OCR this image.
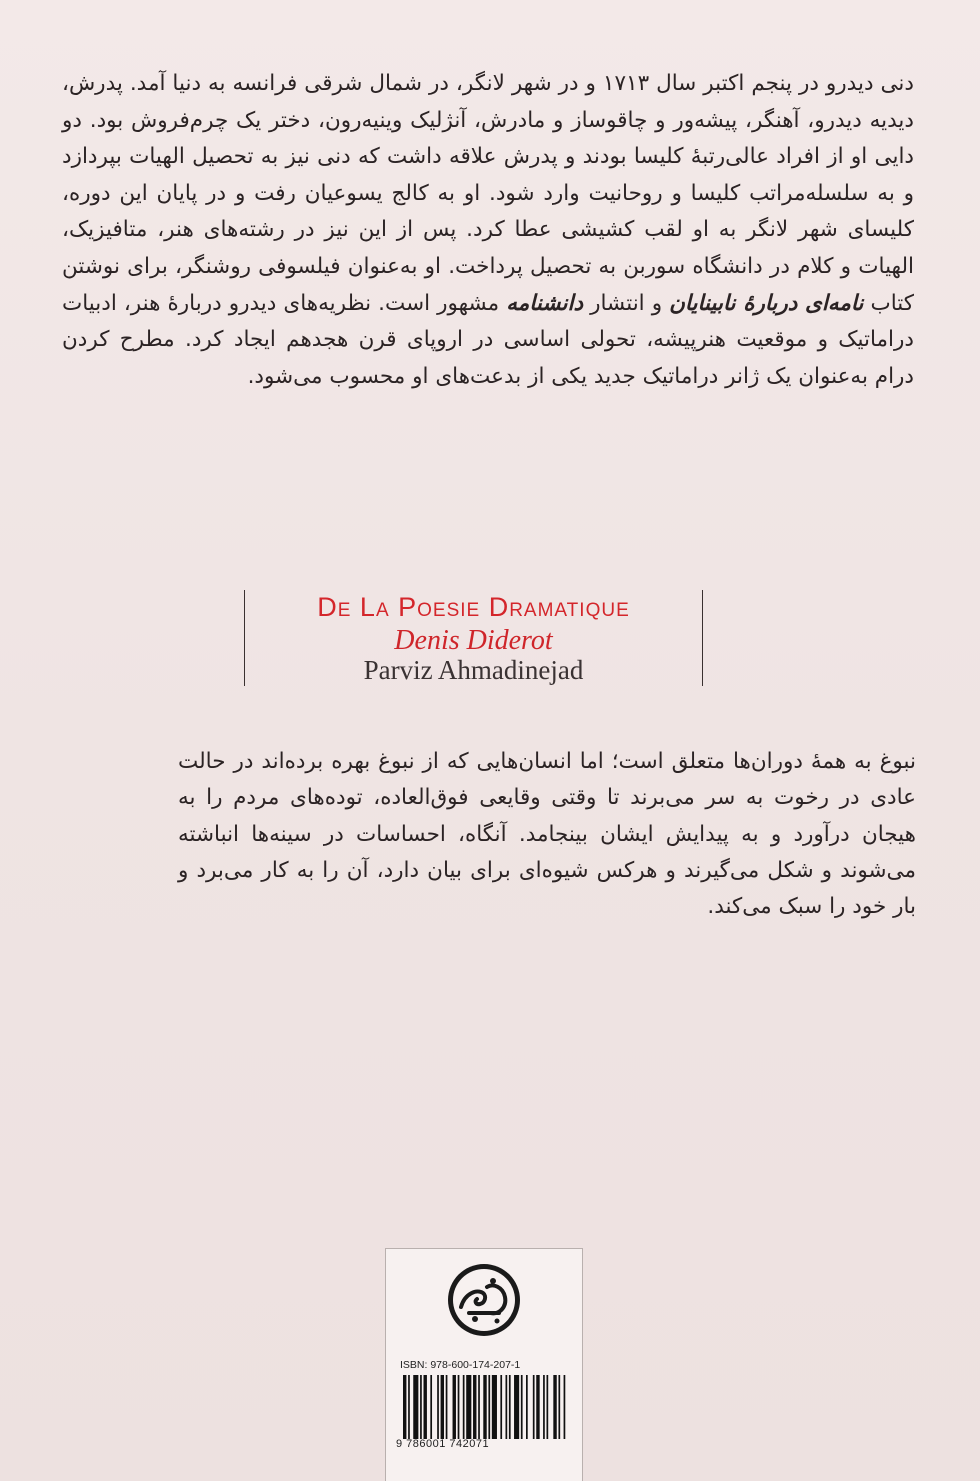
دنی دیدرو در پنجم اکتبر سال ۱۷۱۳ و در شهر لانگر، در شمال شرقی فرانسه به دنیا آمد. پدرش، دیدیه دیدرو، آهنگر، پیشه‌ور و چاقوساز و مادرش، آنژلیک وینیه‌رون، دختر یک چرم‌فروش بود. دو دایی او از افراد عالی‌رتبهٔ کلیسا بودند و پدرش علاقه داشت که دنی نیز به تحصیل الهیات بپردازد و به سلسله‌مراتب کلیسا و روحانیت وارد شود. او به کالج یسوعیان رفت و در پایان این دوره، کلیسای شهر لانگر به او لقب کشیشی عطا کرد. پس از این نیز در رشته‌های هنر، متافیزیک، الهیات و کلام در دانشگاه سوربن به تحصیل پرداخت. او به‌عنوان فیلسوفی روشنگر، برای نوشتن کتاب نامه‌ای دربارهٔ نابینایان و انتشار دانشنامه مشهور است. نظریه‌های دیدرو دربارهٔ هنر، ادبیات دراماتیک و موقعیت هنرپیشه، تحولی اساسی در اروپای قرن هجدهم ایجاد کرد. مطرح کردن درام به‌عنوان یک ژانر دراماتیک جدید یکی از بدعت‌های او محسوب می‌شود.

De La Poesie Dramatique
Denis Diderot
Parviz Ahmadinejad

نبوغ به همهٔ دوران‌ها متعلق است؛ اما انسان‌هایی که از نبوغ بهره برده‌اند در حالت عادی در رخوت به سر می‌برند تا وقتی وقایعی فوق‌العاده، توده‌های مردم را به هیجان درآورد و به پیدایش ایشان بینجامد. آنگاه، احساسات در سینه‌ها انباشته می‌شوند و شکل می‌گیرند و هرکس شیوه‌ای برای بیان دارد، آن را به کار می‌برد و بار خود را سبک می‌کند.

ISBN: 978-600-174-207-1
9 786001 742071
